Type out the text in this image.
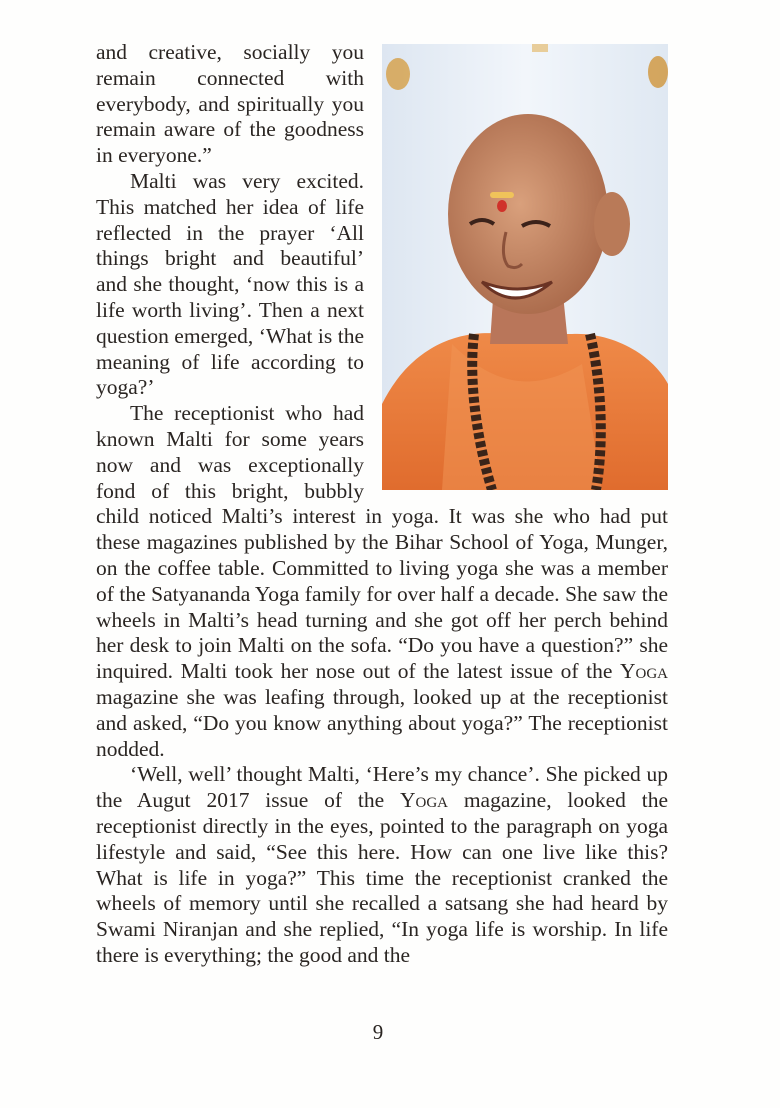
and creative, socially you remain connected with everybody, and spiritually you remain aware of the goodness in everyone.”

Malti was very excited. This matched her idea of life reflected in the prayer ‘All things bright and beautiful’ and she thought, ‘now this is a life worth living’. Then a next question emerged, ‘What is the meaning of life according to yoga?’

The receptionist who had known Malti for some years now and was exceptionally fond of this bright, bubbly child noticed Malti’s interest in yoga. It was she who had put these magazines published by the Bihar School of Yoga, Munger, on the coffee table. Committed to living yoga she was a member of the Satyananda Yoga family for over half a decade. She saw the wheels in Malti’s head turning and she got off her perch behind her desk to join Malti on the sofa. “Do you have a question?” she inquired. Malti took her nose out of the latest issue of the Yoga magazine she was leafing through, looked up at the receptionist and asked, “Do you know anything about yoga?” The receptionist nodded.

‘Well, well’ thought Malti, ‘Here’s my chance’. She picked up the Augut 2017 issue of the Yoga magazine, looked the receptionist directly in the eyes, pointed to the paragraph on yoga lifestyle and said, “See this here. How can one live like this? What is life in yoga?” This time the receptionist cranked the wheels of memory until she recalled a satsang she had heard by Swami Niranjan and she replied, “In yoga life is worship. In life there is everything; the good and the

9
